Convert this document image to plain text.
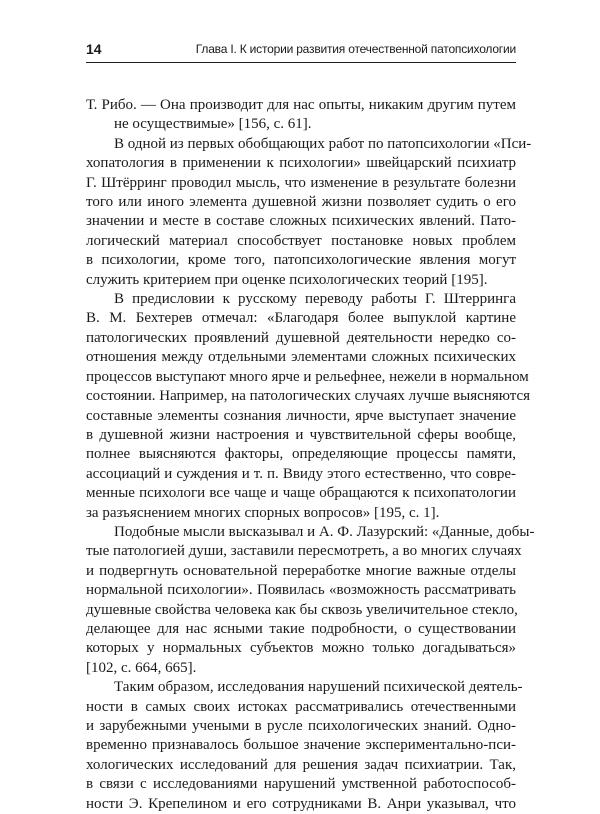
14	Глава I. К истории развития отечественной патопсихологии
Т. Рибо. — Она производит для нас опыты, никаким другим путем
не осуществимые» [156, с. 61].
В одной из первых обобщающих работ по патопсихологии «Пси-
хопатология в применении к психологии» швейцарский психиатр
Г. Штёрринг проводил мысль, что изменение в результате болезни
того или иного элемента душевной жизни позволяет судить о его
значении и месте в составе сложных психических явлений. Пато-
логический материал способствует постановке новых проблем
в психологии, кроме того, патопсихологические явления могут
служить критерием при оценке психологических теорий [195].
В предисловии к русскому переводу работы Г. Штерринга
В. М. Бехтерев отмечал: «Благодаря более выпуклой картине
патологических проявлений душевной деятельности нередко со-
отношения между отдельными элементами сложных психических
процессов выступают много ярче и рельефнее, нежели в нормальном
состоянии. Например, на патологических случаях лучше выясняются
составные элементы сознания личности, ярче выступает значение
в душевной жизни настроения и чувствительной сферы вообще,
полнее выясняются факторы, определяющие процессы памяти,
ассоциаций и суждения и т. п. Ввиду этого естественно, что совре-
менные психологи все чаще и чаще обращаются к психопатологии
за разъяснением многих спорных вопросов» [195, с. 1].
Подобные мысли высказывал и А. Ф. Лазурский: «Данные, добы-
тые патологией души, заставили пересмотреть, а во многих случаях
и подвергнуть основательной переработке многие важные отделы
нормальной психологии». Появилась «возможность рассматривать
душевные свойства человека как бы сквозь увеличительное стекло,
делающее для нас ясными такие подробности, о существовании
которых у нормальных субъектов можно только догадываться»
[102, с. 664, 665].
Таким образом, исследования нарушений психической деятель-
ности в самых своих истоках рассматривались отечественными
и зарубежными учеными в русле психологических знаний. Одно-
временно признавалось большое значение экспериментально-пси-
хологических исследований для решения задач психиатрии. Так,
в связи с исследованиями нарушений умственной работоспособ-
ности Э. Крепелином и его сотрудниками В. Анри указывал, что
